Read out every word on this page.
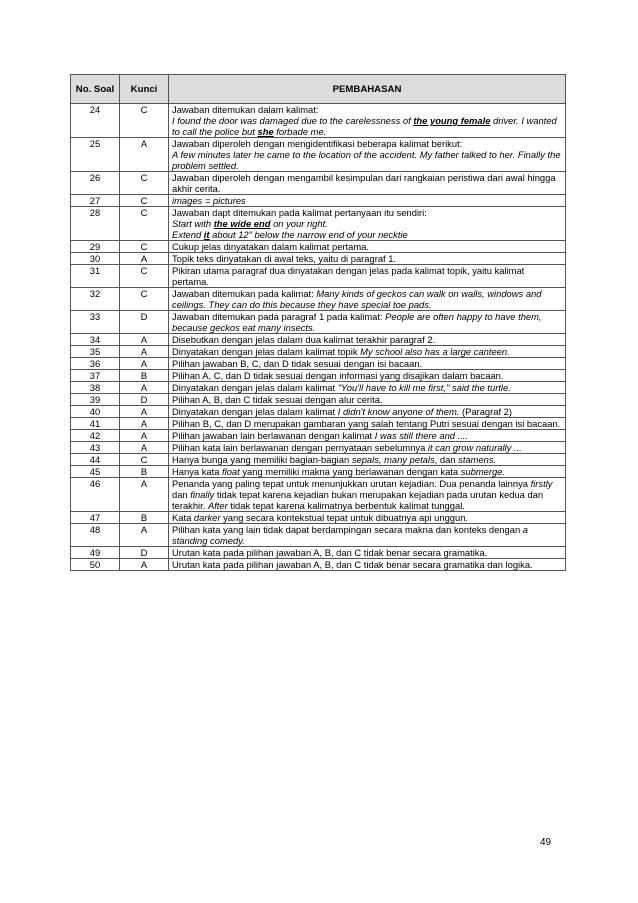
No. Soal	Kunci	PEMBAHASAN
24	C	Jawaban ditemukan dalam kalimat:
I found the door was damaged due to the carelessness of the young female driver. I wanted to call the police but she forbade me.
25	A	Jawaban diperoleh dengan mengidentifikasi beberapa kalimat berikut:
A few minutes later he came to the location of the accident. My father talked to her. Finally the problem settled.
26	C	Jawaban diperoleh dengan mengambil kesimpulan dari rangkaian peristiwa dari awal hingga akhir cerita.
27	C	images = pictures
28	C	Jawaban dapt ditemukan pada kalimat pertanyaan itu sendiri:
Start with the wide end on your right.
Extend it about 12" below the narrow end of your necktie
29	C	Cukup jelas dinyatakan dalam kalimat pertama.
30	A	Topik teks dinyatakan di awal teks, yaitu di paragraf 1.
31	C	Pikiran utama paragraf dua dinyatakan dengan jelas pada kalimat topik, yaitu kalimat pertama.
32	C	Jawaban ditemukan pada kalimat: Many kinds of geckos can walk on walls, windows and ceilings. They can do this because they have special toe pads.
33	D	Jawaban ditemukan pada paragraf 1 pada kalimat: People are often happy to have them, because geckos eat many insects.
34	A	Disebutkan dengan jelas dalam dua kalimat terakhir paragraf 2.
35	A	Dinyatakan dengan jelas dalam kalimat topik My school also has a large canteen.
36	A	Pilihan jawaban B, C, dan D tidak sesuai dengan isi bacaan.
37	B	Pilihan A, C, dan D tidak sesuai dengan informasi yang disajikan dalam bacaan.
38	A	Dinyatakan dengan jelas dalam kalimat "You'll have to kill me first," said the turtle.
39	D	Pilihan A, B, dan C tidak sesuai dengan alur cerita.
40	A	Dinyatakan dengan jelas dalam kalimat I didn't know anyone of them. (Paragraf 2)
41	A	Pilihan B, C, dan D merupakan gambaran yang salah tentang Putri sesuai dengan isi bacaan.
42	A	Pilihan jawaban lain berlawanan dengan kalimat I was still there and ....
43	A	Pilihan kata lain berlawanan dengan pernyataan sebelumnya it can grow naturally ...
44	C	Hanya bunga yang memiliki bagian-bagian sepals, many petals, dan stamens.
45	B	Hanya kata float yang memiliki makna yang berlawanan dengan kata submerge.
46	A	Penanda yang paling tepat untuk menunjukkan urutan kejadian. Dua penanda lainnya firstly dan finally tidak tepat karena kejadian bukan merupakan kejadian pada urutan kedua dan terakhir. After tidak tepat karena kalimatnya berbentuk kalimat tunggal.
47	B	Kata darker yang secara kontekstual tepat untuk dibuatnya api unggun.
48	A	Pilihan kata yang lain tidak dapat berdampingan secara makna dan konteks dengan a standing comedy.
49	D	Urutan kata pada pilihan jawaban A, B, dan C tidak benar secara gramatika.
50	A	Urutan kata pada pilihan jawaban A, B, dan C tidak benar secara gramatika dan logika.
49
